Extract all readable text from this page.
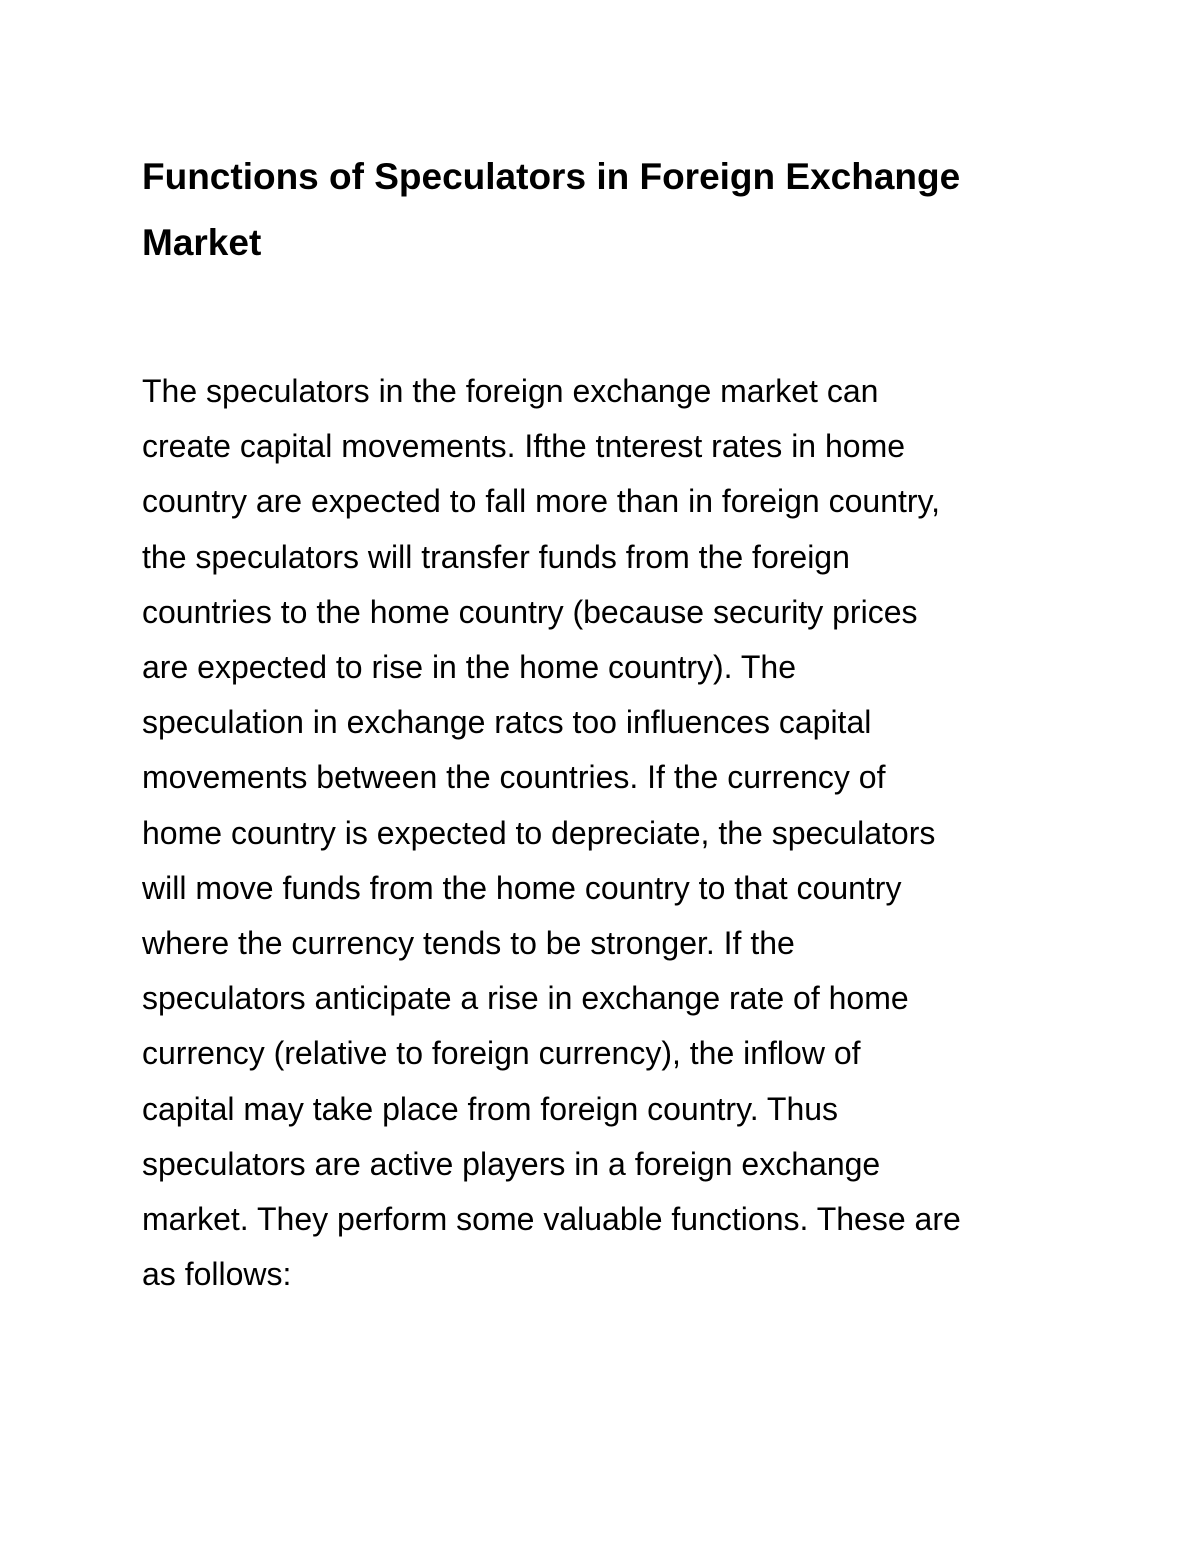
Functions of Speculators in Foreign Exchange
Market
The speculators in the foreign exchange market can
create capital movements. Ifthe tnterest rates in home
country are expected to fall more than in foreign country,
the speculators will transfer funds from the foreign
countries to the home country (because security prices
are expected to rise in the home country). The
speculation in exchange ratcs too influences capital
movements between the countries. If the currency of
home country is expected to depreciate, the speculators
will move funds from the home country to that country
where the currency tends to be stronger. If the
speculators anticipate a rise in exchange rate of home
currency (relative to foreign currency), the inflow of
capital may take place from foreign country. Thus
speculators are active players in a foreign exchange
market. They perform some valuable functions. These are
as follows:
